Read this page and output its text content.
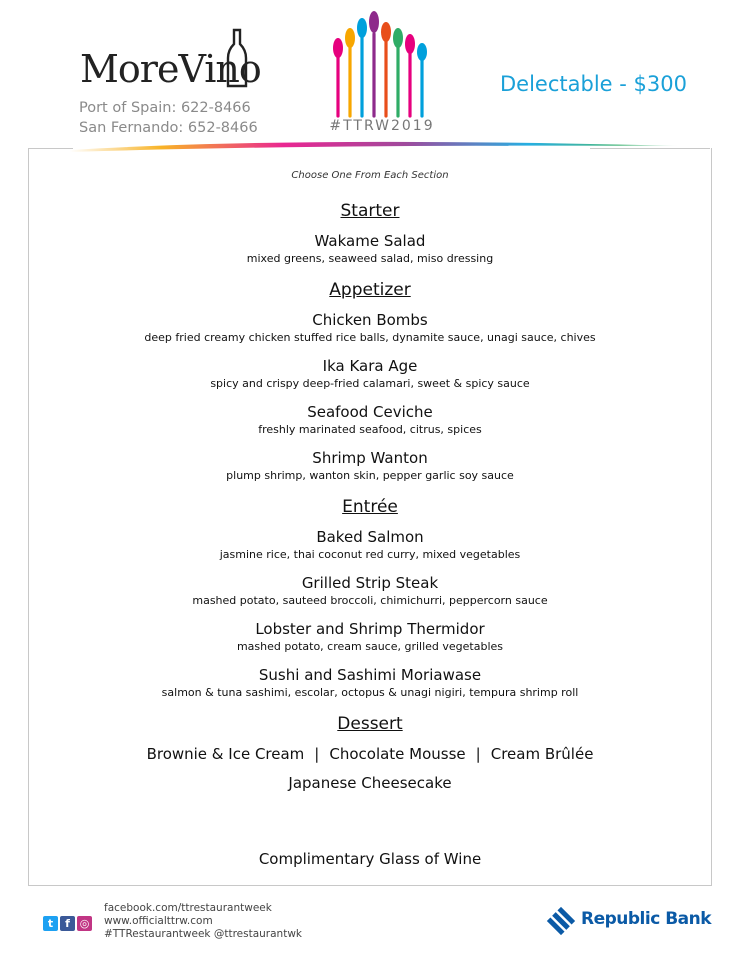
MoreVino
Port of Spain: 622-8466
San Fernando: 652-8466	#TTRW2019
Delectable - $300

Choose One From Each Section

Starter

Wakame Salad

mixed greens, seaweed salad, miso dressing

Appetizer

Chicken Bombs

deep fried creamy chicken stuffed rice balls, dynamite sauce, unagi sauce, chives

Ika Kara Age

spicy and crispy deep-fried calamari, sweet & spicy sauce

Seafood Ceviche

freshly marinated seafood, citrus, spices

Shrimp Wanton

plump shrimp, wanton skin, pepper garlic soy sauce

Entrée

Baked Salmon

jasmine rice, thai coconut red curry, mixed vegetables

Grilled Strip Steak

mashed potato, sauteed broccoli, chimichurri, peppercorn sauce

Lobster and Shrimp Thermidor

mashed potato, cream sauce, grilled vegetables

Sushi and Sashimi Moriawase

salmon & tuna sashimi, escolar, octopus & unagi nigiri, tempura shrimp roll

Dessert

Brownie & Ice Cream | Chocolate Mousse | Cream Brûlée

Japanese Cheesecake

Complimentary Glass of Wine
t f ◎
facebook.com/ttrestaurantweek
www.officialttrw.com
#TTRestaurantweek @ttrestaurantwk
Republic Bank
